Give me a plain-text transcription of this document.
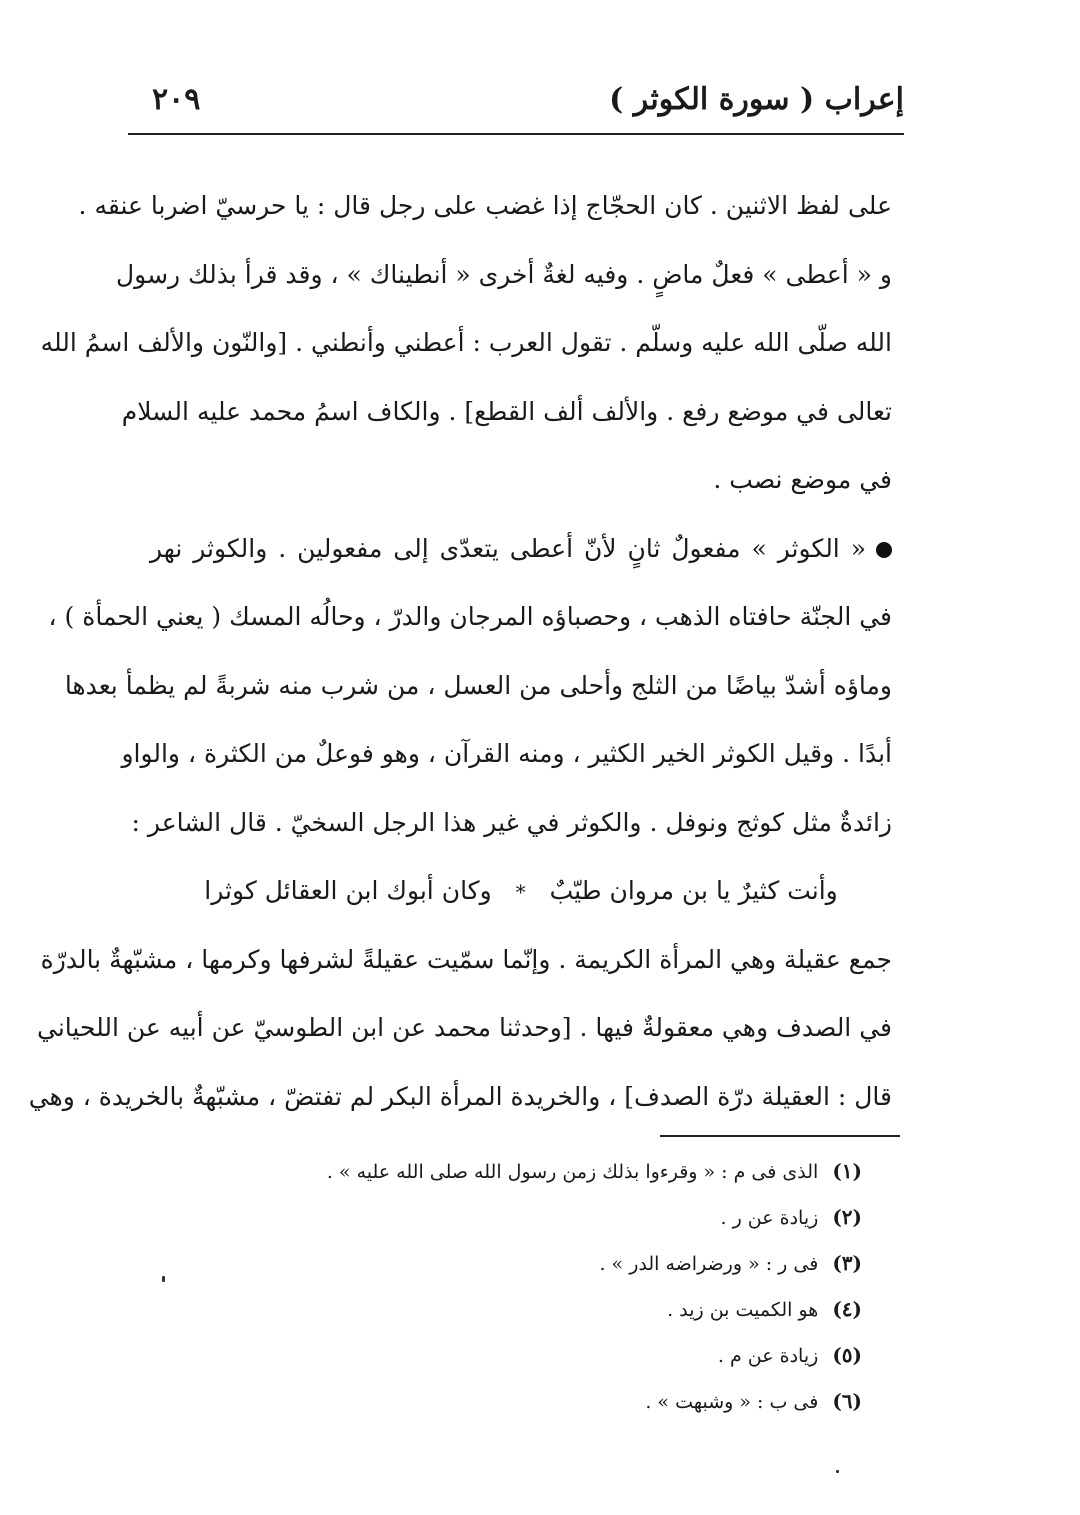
إعراب ( سورة الكوثر )
٢٠٩
على لفظ الاثنين . كان الحجّاج إذا غضب على رجل قال : يا حرسيّ اضربا عنقه .
و « أعطى » فعلٌ ماضٍ . وفيه لغةٌ أخرى « أنطيناك » ، وقد قرأ بذلك رسول
الله صلّى الله عليه وسلّم . تقول العرب : أعطني وأنطني . [والنّون والألف اسمُ الله
تعالى في موضع رفع . والألف ألف القطع] . والكاف اسمُ محمد عليه السلام
في موضع نصب .
« الكوثر » مفعولٌ ثانٍ لأنّ أعطى يتعدّى إلى مفعولين . والكوثر نهر
في الجنّة حافتاه الذهب ، وحصباؤه المرجان والدرّ ، وحالُه المسك ( يعني الحمأة ) ،
وماؤه أشدّ بياضًا من الثلج وأحلى من العسل ، من شرب منه شربةً لم يظمأ بعدها
أبدًا . وقيل الكوثر الخير الكثير ، ومنه القرآن ، وهو فوعلٌ من الكثرة ، والواو
زائدةٌ مثل كوثج ونوفل . والكوثر في غير هذا الرجل السخيّ . قال الشاعر :
وأنت كثيرٌ يا بن مروان طيّبٌ * وكان أبوك ابن العقائل كوثرا
جمع عقيلة وهي المرأة الكريمة . وإنّما سمّيت عقيلةً لشرفها وكرمها ، مشبّهةٌ بالدرّة
في الصدف وهي معقولةٌ فيها . [وحدثنا محمد عن ابن الطوسيّ عن أبيه عن اللحياني
قال : العقيلة درّة الصدف] ، والخريدة المرأة البكر لم تفتضّ ، مشبّهةٌ بالخريدة ، وهي
(١)الذى فى م : « وقرءوا بذلك زمن رسول الله صلى الله عليه » .
(٢)زيادة عن ر .
(٣)فى ر : « ورضراضه الدر » .
(٤)هو الكميت بن زيد .
(٥)زيادة عن م .
(٦)فى ب : « وشبهت » .
